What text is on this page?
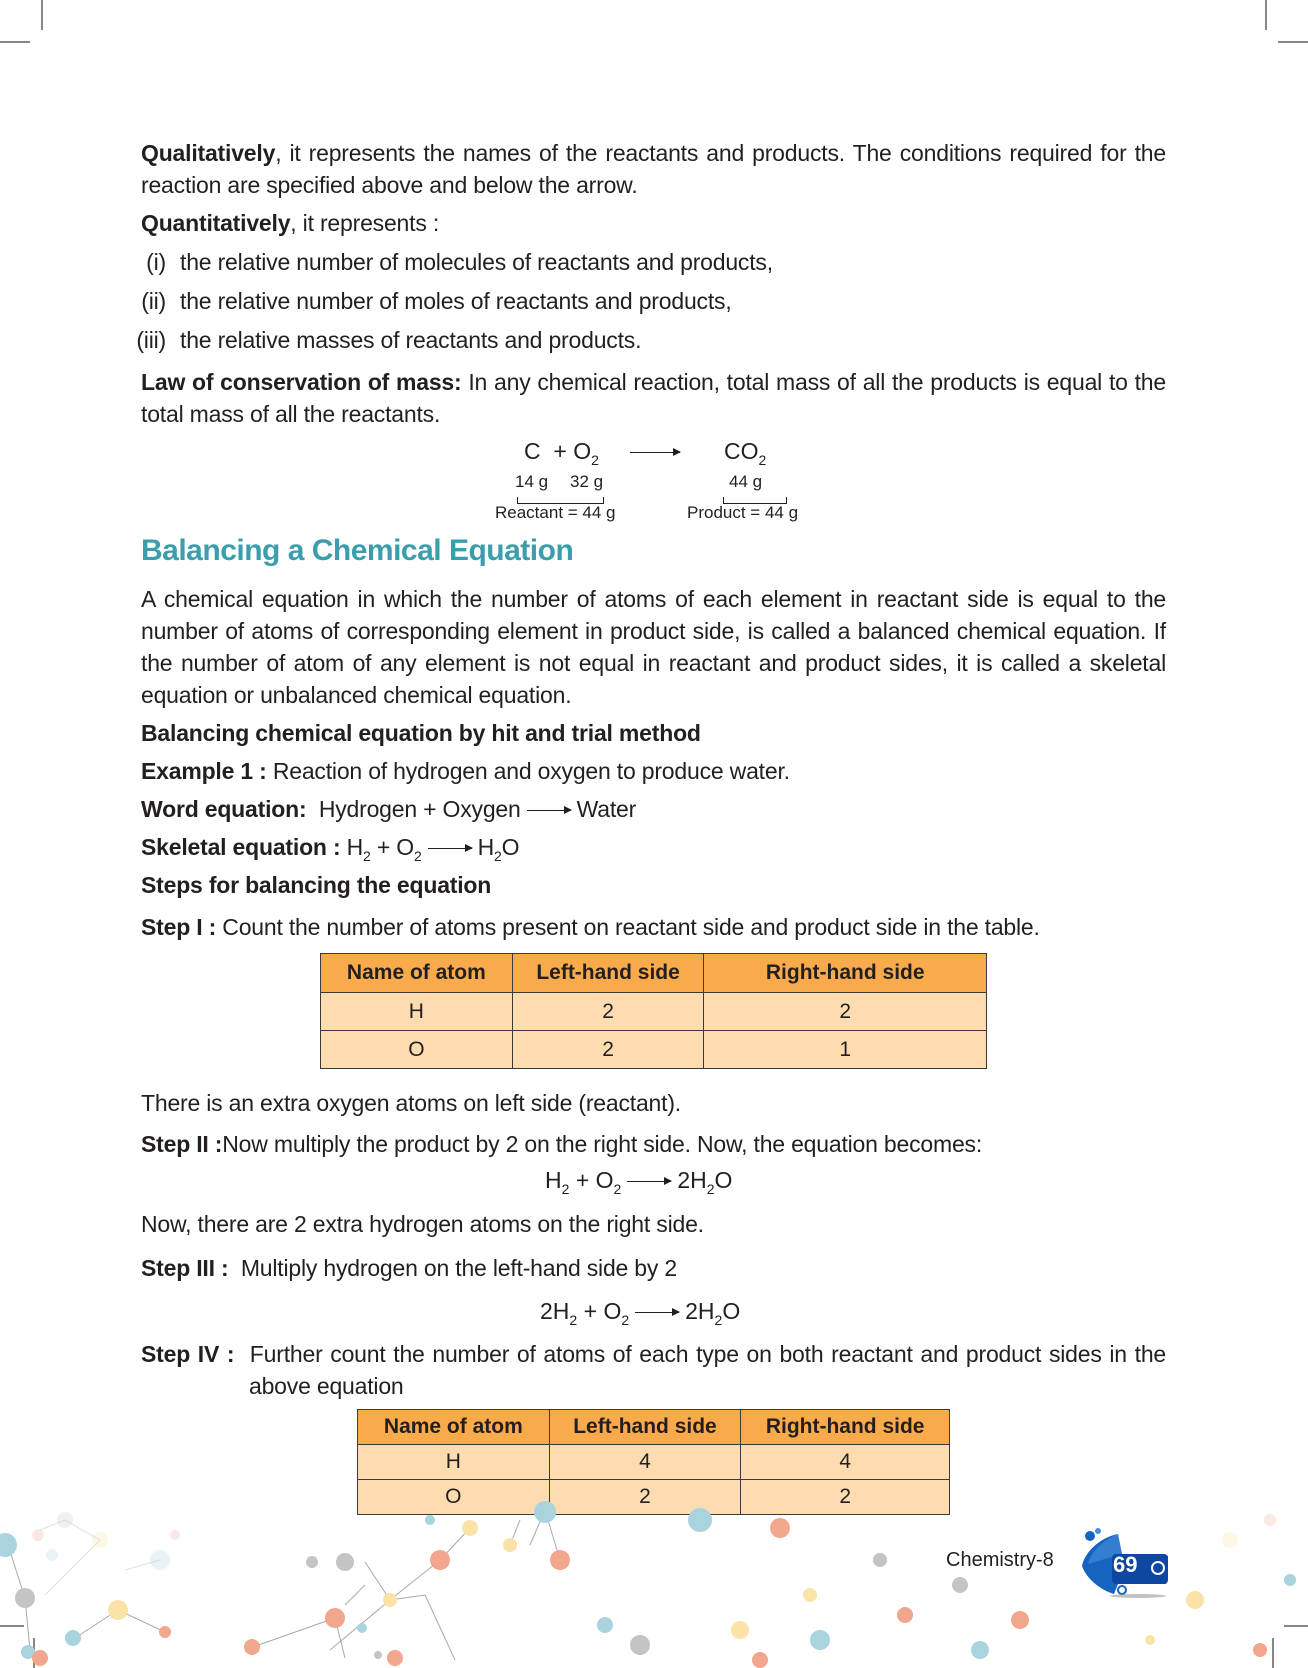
Qualitatively, it represents the names of the reactants and products. The conditions required for the reaction are specified above and below the arrow.
Quantitatively, it represents :
(i) the relative number of molecules of reactants and products,
(ii) the relative number of moles of reactants and products,
(iii) the relative masses of reactants and products.
Law of conservation of mass: In any chemical reaction, total mass of all the products is equal to the total mass of all the reactants.
$C + O_2$	$CO_2$
14 g 32 g	44 g
Reactant = 44 g	Product = 44 g
Balancing a Chemical Equation
A chemical equation in which the number of atoms of each element in reactant side is equal to the number of atoms of corresponding element in product side, is called a balanced chemical equation. If the number of atom of any element is not equal in reactant and product sides, it is called a skeletal equation or unbalanced chemical equation.
Balancing chemical equation by hit and trial method
Example 1 : Reaction of hydrogen and oxygen to produce water.
Word equation: Hydrogen + Oxygen → Water
Skeletal equation : $H_2 + O_2 \to H_2O$
Steps for balancing the equation
Step I : Count the number of atoms present on reactant side and product side in the table.
Name of atom	Left-hand side	Right-hand side
H	2	2
O	2	1
There is an extra oxygen atoms on left side (reactant).
Step II :Now multiply the product by 2 on the right side. Now, the equation becomes:
$H_2 + O_2 \to 2H_2O$
Now, there are 2 extra hydrogen atoms on the right side.
Step III : Multiply hydrogen on the left-hand side by 2
$2H_2 + O_2 \to 2H_2O$
Step IV : Further count the number of atoms of each type on both reactant and product sides in the above equation
Name of atom	Left-hand side	Right-hand side
H	4	4
O	2	2
Chemistry-8	69
